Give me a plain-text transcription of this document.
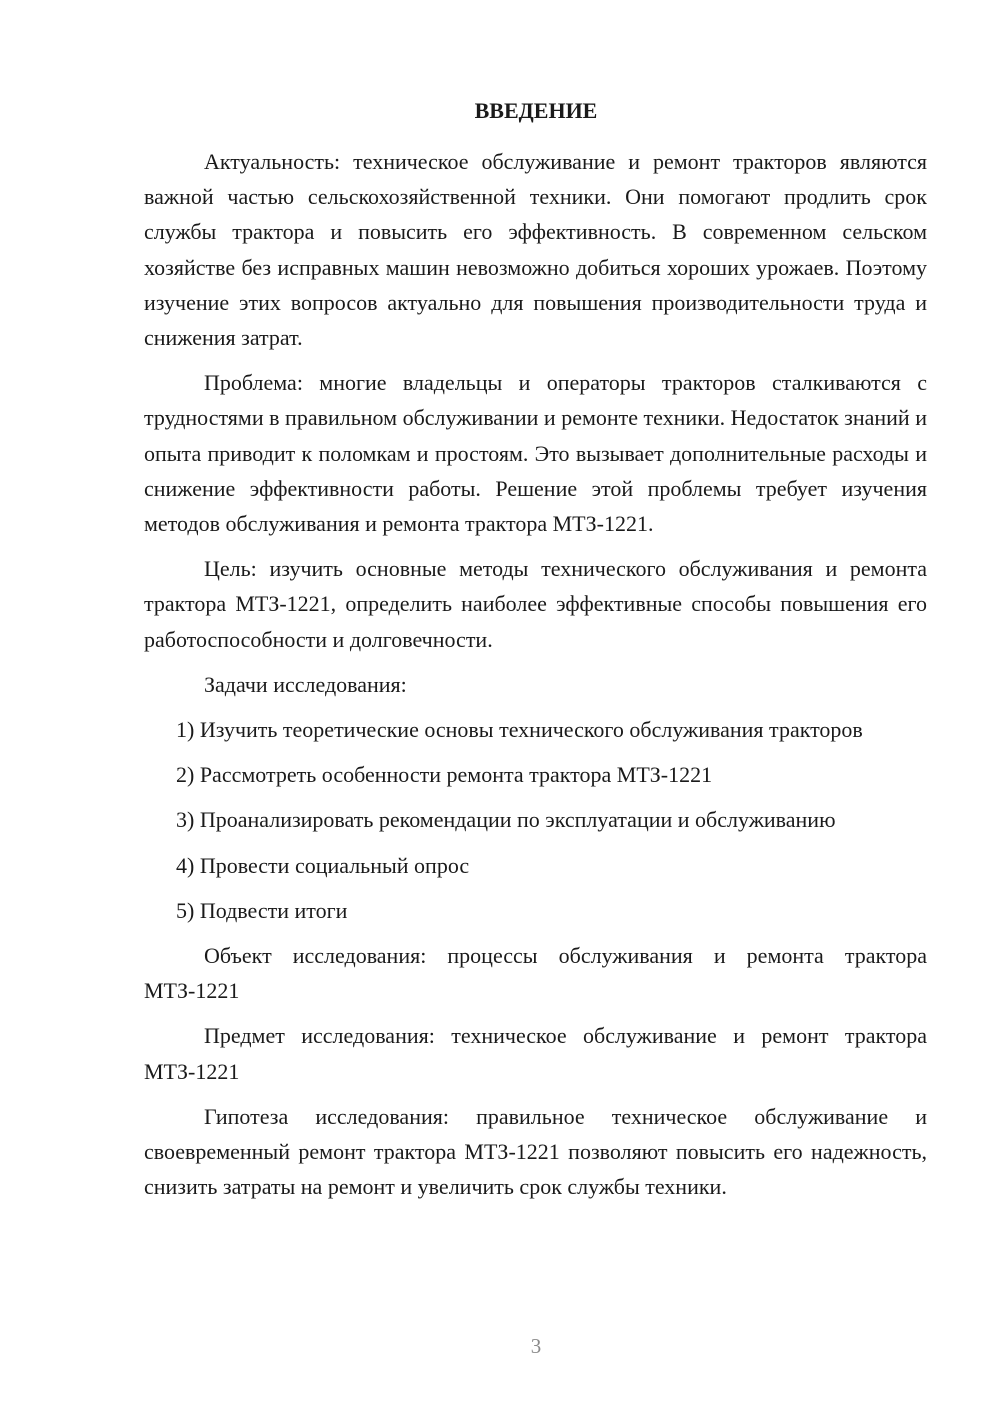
ВВЕДЕНИЕ

Актуальность: техническое обслуживание и ремонт тракторов являются важной частью сельскохозяйственной техники. Они помогают продлить срок службы трактора и повысить его эффективность. В современном сельском хозяйстве без исправных машин невозможно добиться хороших урожаев. Поэтому изучение этих вопросов актуально для повышения производительности труда и снижения затрат.

Проблема: многие владельцы и операторы тракторов сталкиваются с трудностями в правильном обслуживании и ремонте техники. Недостаток знаний и опыта приводит к поломкам и простоям. Это вызывает дополнительные расходы и снижение эффективности работы. Решение этой проблемы требует изучения методов обслуживания и ремонта трактора МТЗ-1221.

Цель: изучить основные методы технического обслуживания и ремонта трактора МТЗ-1221, определить наиболее эффективные способы повышения его работоспособности и долговечности.

Задачи исследования:

1) Изучить теоретические основы технического обслуживания тракторов

2) Рассмотреть особенности ремонта трактора МТЗ-1221

3) Проанализировать рекомендации по эксплуатации и обслуживанию

4) Провести социальный опрос

5) Подвести итоги

Объект исследования: процессы обслуживания и ремонта трактора МТЗ-1221

Предмет исследования: техническое обслуживание и ремонт трактора МТЗ-1221

Гипотеза исследования: правильное техническое обслуживание и своевременный ремонт трактора МТЗ-1221 позволяют повысить его надежность, снизить затраты на ремонт и увеличить срок службы техники.

3
